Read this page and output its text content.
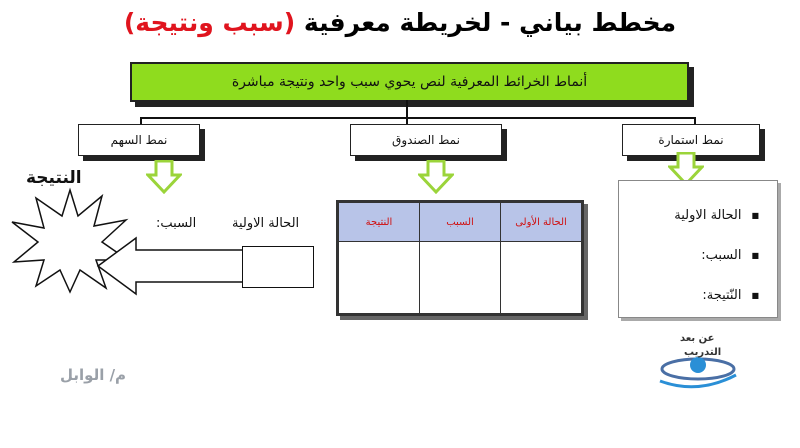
مخطط بياني - لخريطة معرفية (سبب ونتيجة)
أنماط الخرائط المعرفية لنص يحوي سبب واحد ونتيجة مباشرة
نمط السهم	نمط الصندوق	نمط استمارة
النتيجة
الحالة الاولية
السبب:	الحالة الأولى	السبب	النتيجة
			■ الحالة الاولية
■ السبب:
■ النّتيجة:
م/ الواب‍ل
عن بعد
التدريب
